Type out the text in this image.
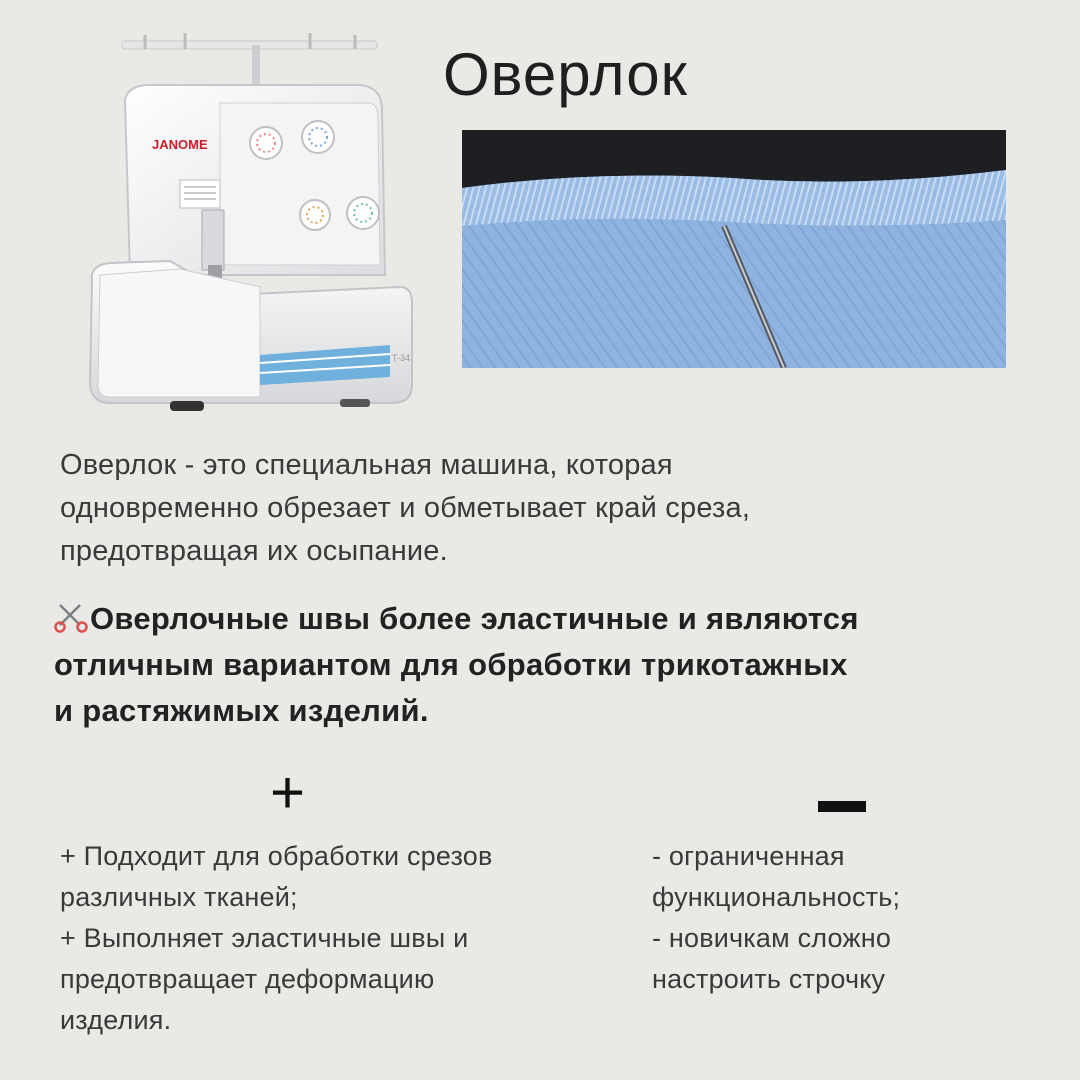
JANOME
T-34
Оверлок
Оверлок - это специальная машина, которая
одновременно обрезает и обметывает край среза,
предотвращая их осыпание.
Оверлочные швы более эластичные и являются
отличным вариантом для обработки трикотажных
и растяжимых изделий.
+
+ Подходит для обработки срезов
различных тканей;
+ Выполняет эластичные швы и
предотвращает деформацию
изделия.
- ограниченная
функциональность;
- новичкам сложно
настроить строчку
